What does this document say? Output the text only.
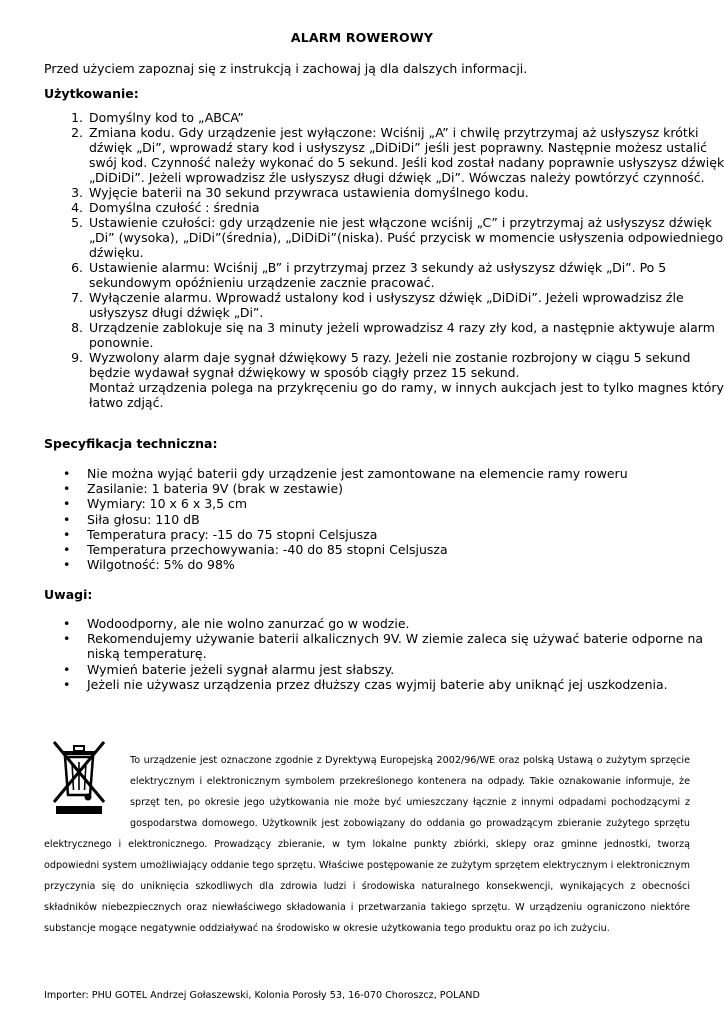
ALARM ROWEROWY
Przed użyciem zapoznaj się z instrukcją i zachowaj ją dla dalszych informacji.
Użytkowanie:
1. Domyślny kod to „ABCA”
2. Zmiana kodu. Gdy urządzenie jest wyłączone: Wciśnij „A” i chwilę przytrzymaj aż usłyszysz krótki dźwięk „Di”, wprowadź stary kod i usłyszysz „DiDiDi” jeśli jest poprawny. Następnie możesz ustalić swój kod. Czynność należy wykonać do 5 sekund. Jeśli kod został nadany poprawnie usłyszysz dźwięk „DiDiDi”. Jeżeli wprowadzisz źle usłyszysz długi dźwięk „Di”. Wówczas należy powtórzyć czynność.
3. Wyjęcie baterii na 30 sekund przywraca ustawienia domyślnego kodu.
4. Domyślna czułość : średnia
5. Ustawienie czułości: gdy urządzenie nie jest włączone wciśnij „C” i przytrzymaj aż usłyszysz dźwięk „Di” (wysoka), „DiDi”(średnia), „DiDiDi”(niska). Puść przycisk w momencie usłyszenia odpowiedniego dźwięku.
6. Ustawienie alarmu: Wciśnij „B” i przytrzymaj przez 3 sekundy aż usłyszysz dźwięk „Di”. Po 5 sekundowym opóźnieniu urządzenie zacznie pracować.
7. Wyłączenie alarmu. Wprowadź ustalony kod i usłyszysz dźwięk „DiDiDi”. Jeżeli wprowadzisz źle usłyszysz długi dźwięk „Di”.
8. Urządzenie zablokuje się na 3 minuty jeżeli wprowadzisz 4 razy zły kod, a następnie aktywuje alarm ponownie.
9. Wyzwolony alarm daje sygnał dźwiękowy 5 razy. Jeżeli nie zostanie rozbrojony w ciągu 5 sekund będzie wydawał sygnał dźwiękowy w sposób ciągły przez 15 sekund.
Montaż urządzenia polega na przykręceniu go do ramy, w innych aukcjach jest to tylko magnes który łatwo zdjąć.
Specyfikacja techniczna:
• Nie można wyjąć baterii gdy urządzenie jest zamontowane na elemencie ramy roweru
• Zasilanie: 1 bateria 9V (brak w zestawie)
• Wymiary: 10 x 6 x 3,5 cm
• Siła głosu: 110 dB
• Temperatura pracy: -15 do 75 stopni Celsjusza
• Temperatura przechowywania: -40 do 85 stopni Celsjusza
• Wilgotność: 5% do 98%
Uwagi:
• Wodoodporny, ale nie wolno zanurzać go w wodzie.
• Rekomendujemy używanie baterii alkalicznych 9V. W ziemie zaleca się używać baterie odporne na niską temperaturę.
• Wymień baterie jeżeli sygnał alarmu jest słabszy.
• Jeżeli nie używasz urządzenia przez dłuższy czas wyjmij baterie aby uniknąć jej uszkodzenia.
To urządzenie jest oznaczone zgodnie z Dyrektywą Europejską 2002/96/WE oraz polską Ustawą o zużytym sprzęcie elektrycznym i elektronicznym symbolem przekreślonego kontenera na odpady. Takie oznakowanie informuje, że sprzęt ten, po okresie jego użytkowania nie może być umieszczany łącznie z innymi odpadami pochodzącymi z gospodarstwa domowego. Użytkownik jest zobowiązany do oddania go prowadzącym zbieranie zużytego sprzętu elektrycznego i elektronicznego. Prowadzący zbieranie, w tym lokalne punkty zbiórki, sklepy oraz gminne jednostki, tworzą odpowiedni system umożliwiający oddanie tego sprzętu. Właściwe postępowanie ze zużytym sprzętem elektrycznym i elektronicznym przyczynia się do uniknięcia szkodliwych dla zdrowia ludzi i środowiska naturalnego konsekwencji, wynikających z obecności składników niebezpiecznych oraz niewłaściwego składowania i przetwarzania takiego sprzętu. W urządzeniu ograniczono niektóre substancje mogące negatywnie oddziaływać na środowisko w okresie użytkowania tego produktu oraz po ich zużyciu.
Importer: PHU GOTEL Andrzej Gołaszewski, Kolonia Porosły 53, 16-070 Choroszcz, POLAND
